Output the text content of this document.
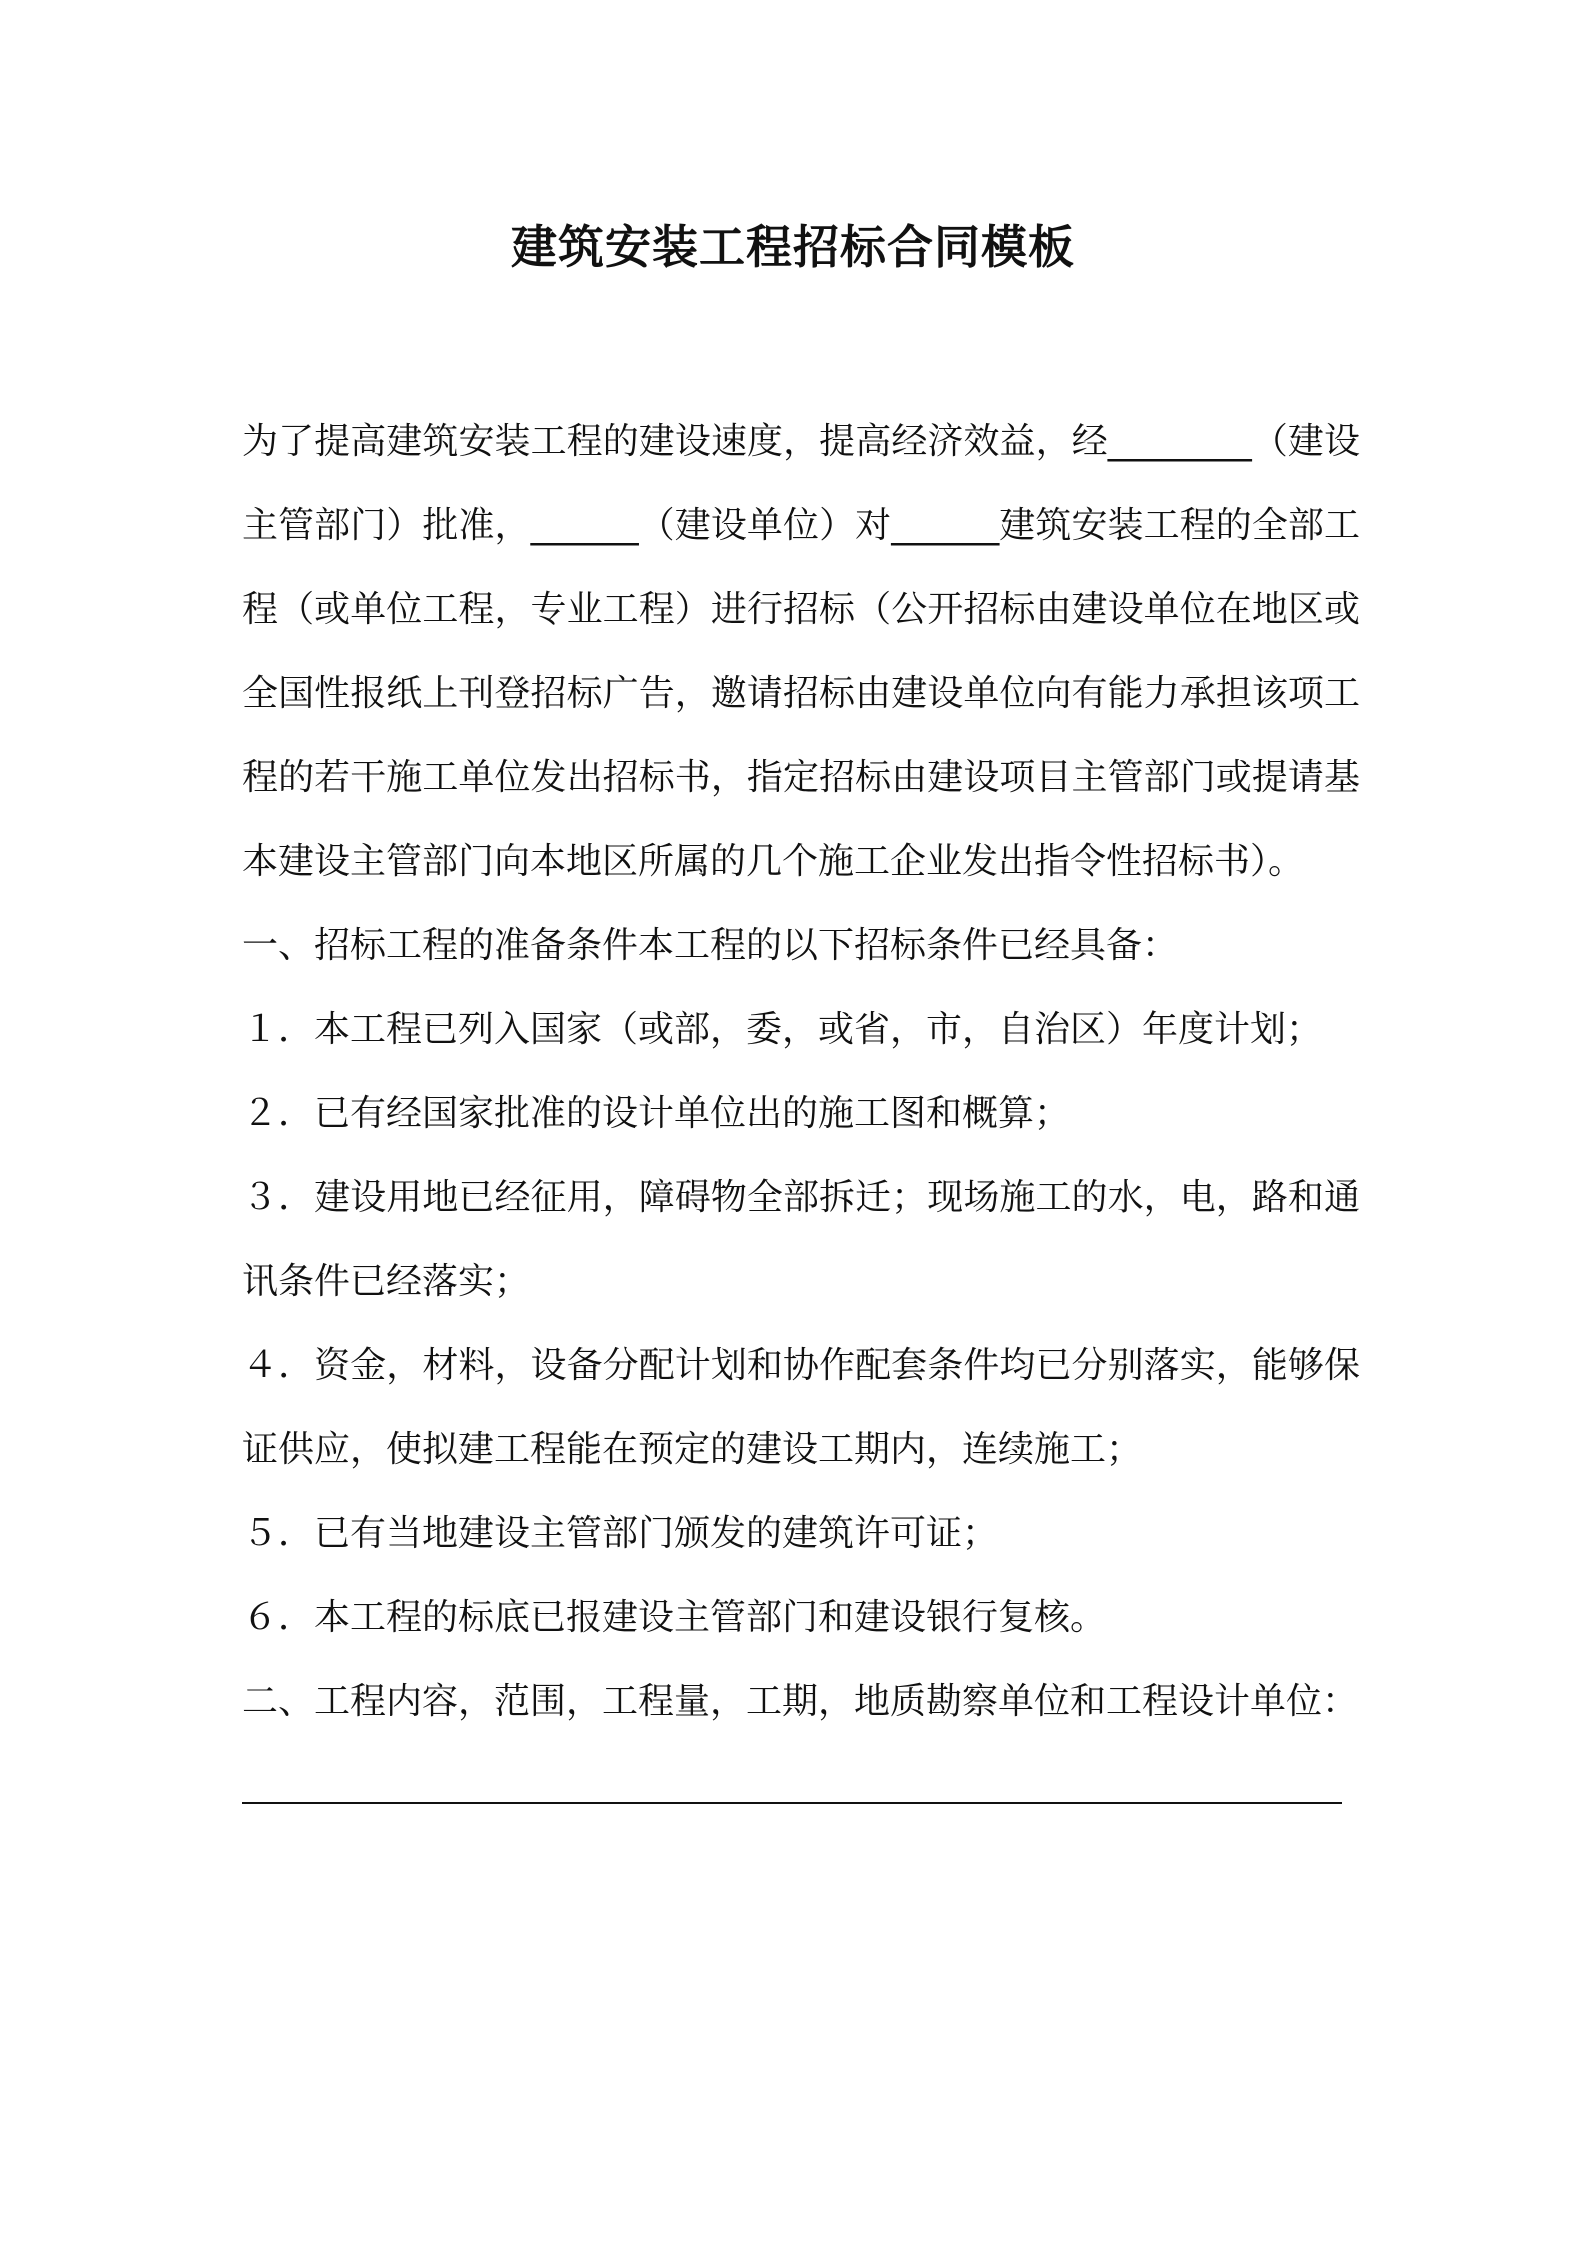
建筑安装工程招标合同模板

为了提高建筑安装工程的建设速度，提高经济效益，经________（建设主管部门）批准，______（建设单位）对______建筑安装工程的全部工程（或单位工程，专业工程）进行招标（公开招标由建设单位在地区或全国性报纸上刊登招标广告，邀请招标由建设单位向有能力承担该项工程的若干施工单位发出招标书，指定招标由建设项目主管部门或提请基本建设主管部门向本地区所属的几个施工企业发出指令性招标书）。

一、招标工程的准备条件本工程的以下招标条件已经具备：

１．本工程已列入国家（或部，委，或省，市，自治区）年度计划；

２．已有经国家批准的设计单位出的施工图和概算；

３．建设用地已经征用，障碍物全部拆迁；现场施工的水，电，路和通讯条件已经落实；

４．资金，材料，设备分配计划和协作配套条件均已分别落实，能够保证供应，使拟建工程能在预定的建设工期内，连续施工；

５．已有当地建设主管部门颁发的建筑许可证；

６．本工程的标底已报建设主管部门和建设银行复核。

二、工程内容，范围，工程量，工期，地质勘察单位和工程设计单位：
